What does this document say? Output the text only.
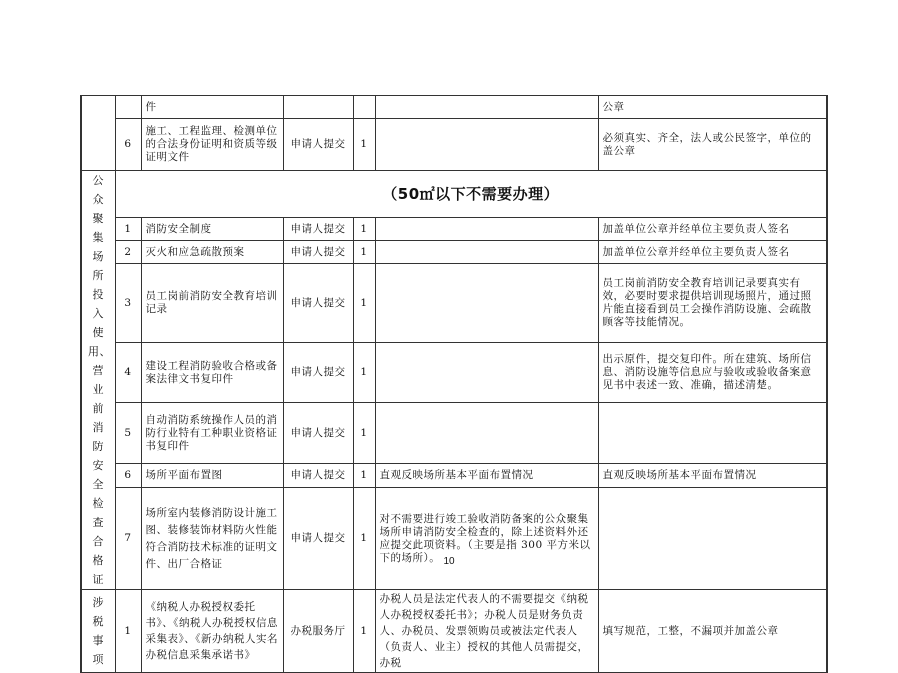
		件				公章
	6	施工、工程监理、检测单位的合法身份证明和资质等级证明文件	申请人提交	1		必须真实、齐全，法人或公民签字，单位的盖公章
公众聚集场所投入使用、营业前消防安全检查合格证	（50㎡以下不需要办理）					
	1	消防安全制度	申请人提交	1		加盖单位公章并经单位主要负责人签名
	2	灭火和应急疏散预案	申请人提交	1		加盖单位公章并经单位主要负责人签名
	3	员工岗前消防安全教育培训记录	申请人提交	1		员工岗前消防安全教育培训记录要真实有效，必要时要求提供培训现场照片，通过照片能直接看到员工会操作消防设施、会疏散顾客等技能情况。
	4	建设工程消防验收合格或备案法律文书复印件	申请人提交	1		出示原件，提交复印件。所在建筑、场所信息、消防设施等信息应与验收或验收备案意见书中表述一致、准确，描述清楚。
	5	自动消防系统操作人员的消防行业特有工种职业资格证书复印件	申请人提交	1		
	6	场所平面布置图	申请人提交	1	直观反映场所基本平面布置情况	直观反映场所基本平面布置情况
	7	场所室内装修消防设计施工图、装修装饰材料防火性能符合消防技术标准的证明文件、出厂合格证	申请人提交	1	对不需要进行竣工验收消防备案的公众聚集场所申请消防安全检查的，除上述资料外还应提交此项资料。（主要是指 300 平方米以下的场所）。	
涉税事项	1	《纳税人办税授权委托书》、《纳税人办税授权信息采集表》、《新办纳税人实名办税信息采集承诺书》	办税服务厅	1	办税人员是法定代表人的不需要提交《纳税人办税授权委托书》；办税人员是财务负责人、办税员、发票领购员或被法定代表人（负责人、业主）授权的其他人员需提交，办税	填写规范，工整，不漏项并加盖公章
10
